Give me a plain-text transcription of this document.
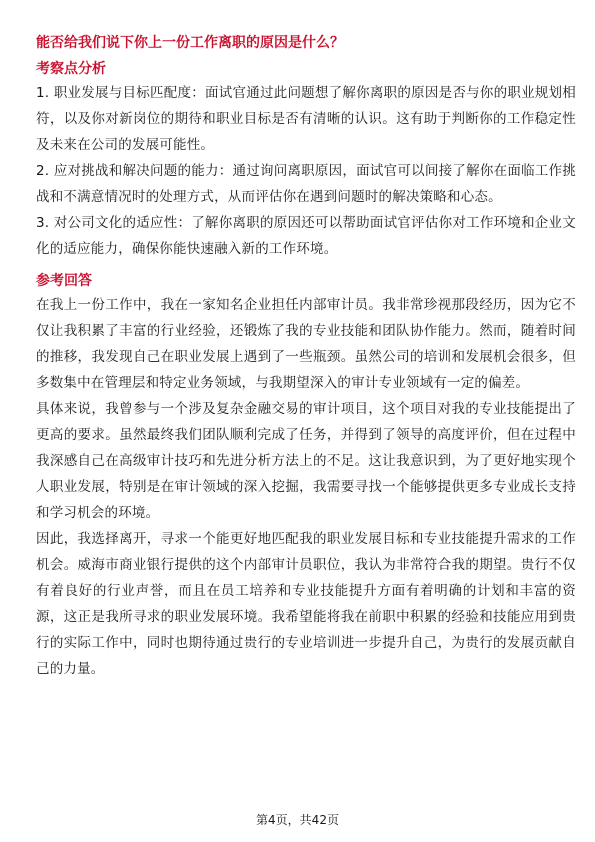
能否给我们说下你上一份工作离职的原因是什么？

考察点分析

1. 职业发展与目标匹配度：面试官通过此问题想了解你离职的原因是否与你的职业规划相符，以及你对新岗位的期待和职业目标是否有清晰的认识。这有助于判断你的工作稳定性及未来在公司的发展可能性。

2. 应对挑战和解决问题的能力：通过询问离职原因，面试官可以间接了解你在面临工作挑战和不满意情况时的处理方式，从而评估你在遇到问题时的解决策略和心态。

3. 对公司文化的适应性：了解你离职的原因还可以帮助面试官评估你对工作环境和企业文化的适应能力，确保你能快速融入新的工作环境。

参考回答

在我上一份工作中，我在一家知名企业担任内部审计员。我非常珍视那段经历，因为它不仅让我积累了丰富的行业经验，还锻炼了我的专业技能和团队协作能力。然而，随着时间的推移，我发现自己在职业发展上遇到了一些瓶颈。虽然公司的培训和发展机会很多，但多数集中在管理层和特定业务领域，与我期望深入的审计专业领域有一定的偏差。

具体来说，我曾参与一个涉及复杂金融交易的审计项目，这个项目对我的专业技能提出了更高的要求。虽然最终我们团队顺利完成了任务，并得到了领导的高度评价，但在过程中我深感自己在高级审计技巧和先进分析方法上的不足。这让我意识到，为了更好地实现个人职业发展，特别是在审计领域的深入挖掘，我需要寻找一个能够提供更多专业成长支持和学习机会的环境。

因此，我选择离开，寻求一个能更好地匹配我的职业发展目标和专业技能提升需求的工作机会。威海市商业银行提供的这个内部审计员职位，我认为非常符合我的期望。贵行不仅有着良好的行业声誉，而且在员工培养和专业技能提升方面有着明确的计划和丰富的资源，这正是我所寻求的职业发展环境。我希望能将我在前职中积累的经验和技能应用到贵行的实际工作中，同时也期待通过贵行的专业培训进一步提升自己，为贵行的发展贡献自己的力量。

第4页，共42页
